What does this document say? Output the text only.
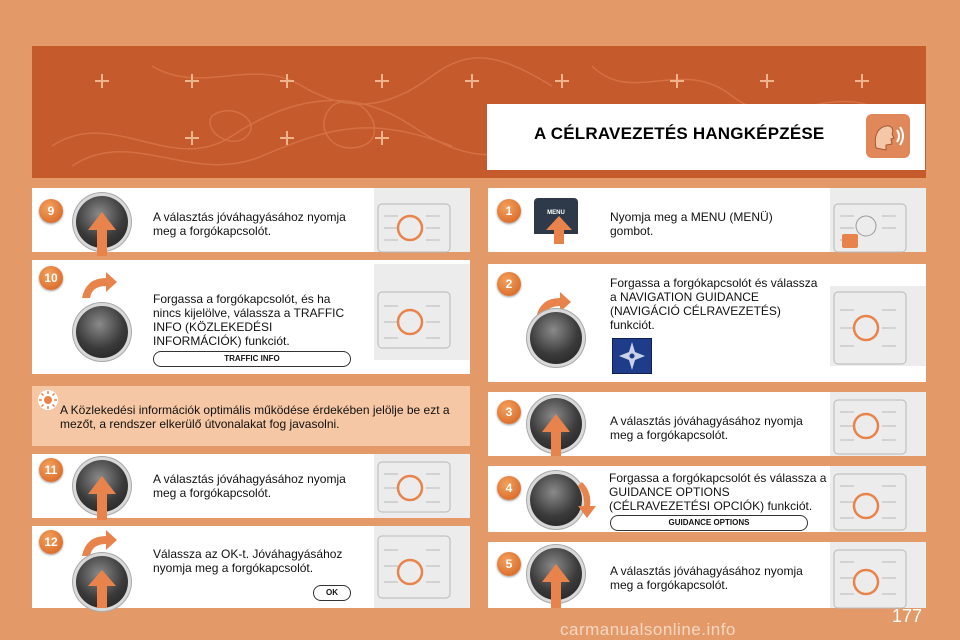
A CÉLRAVEZETÉS HANGKÉPZÉSE
9	A választás jóváhagyásához nyomja meg a forgókapcsolót.
10
Forgassa a forgókapcsolót, és ha nincs kijelölve, válassza a TRAFFIC INFO (KÖZLEKEDÉSI INFORMÁCIÓK) funkciót.
TRAFFIC INFO
A Közlekedési információk optimális működése érdekében jelölje be ezt a mezőt, a rendszer elkerülő útvonalakat fog javasolni.
11
A választás jóváhagyásához nyomja meg a forgókapcsolót.
12
Válassza az OK-t. Jóváhagyásához nyomja meg a forgókapcsolót.
OK
1	MENU	Nyomja meg a MENU (MENÜ) gombot.
2	Forgassa a forgókapcsolót és válassza a NAVIGATION GUIDANCE (NAVIGÁCIÓ CÉLRAVEZETÉS) funkciót.
3
A választás jóváhagyásához nyomja meg a forgókapcsolót.
4
Forgassa a forgókapcsolót és válassza a GUIDANCE OPTIONS (CÉLRAVEZETÉSI OPCIÓK) funkciót.
GUIDANCE OPTIONS
5	A választás jóváhagyásához nyomja meg a forgókapcsolót.
177
carmanualsonline.info
